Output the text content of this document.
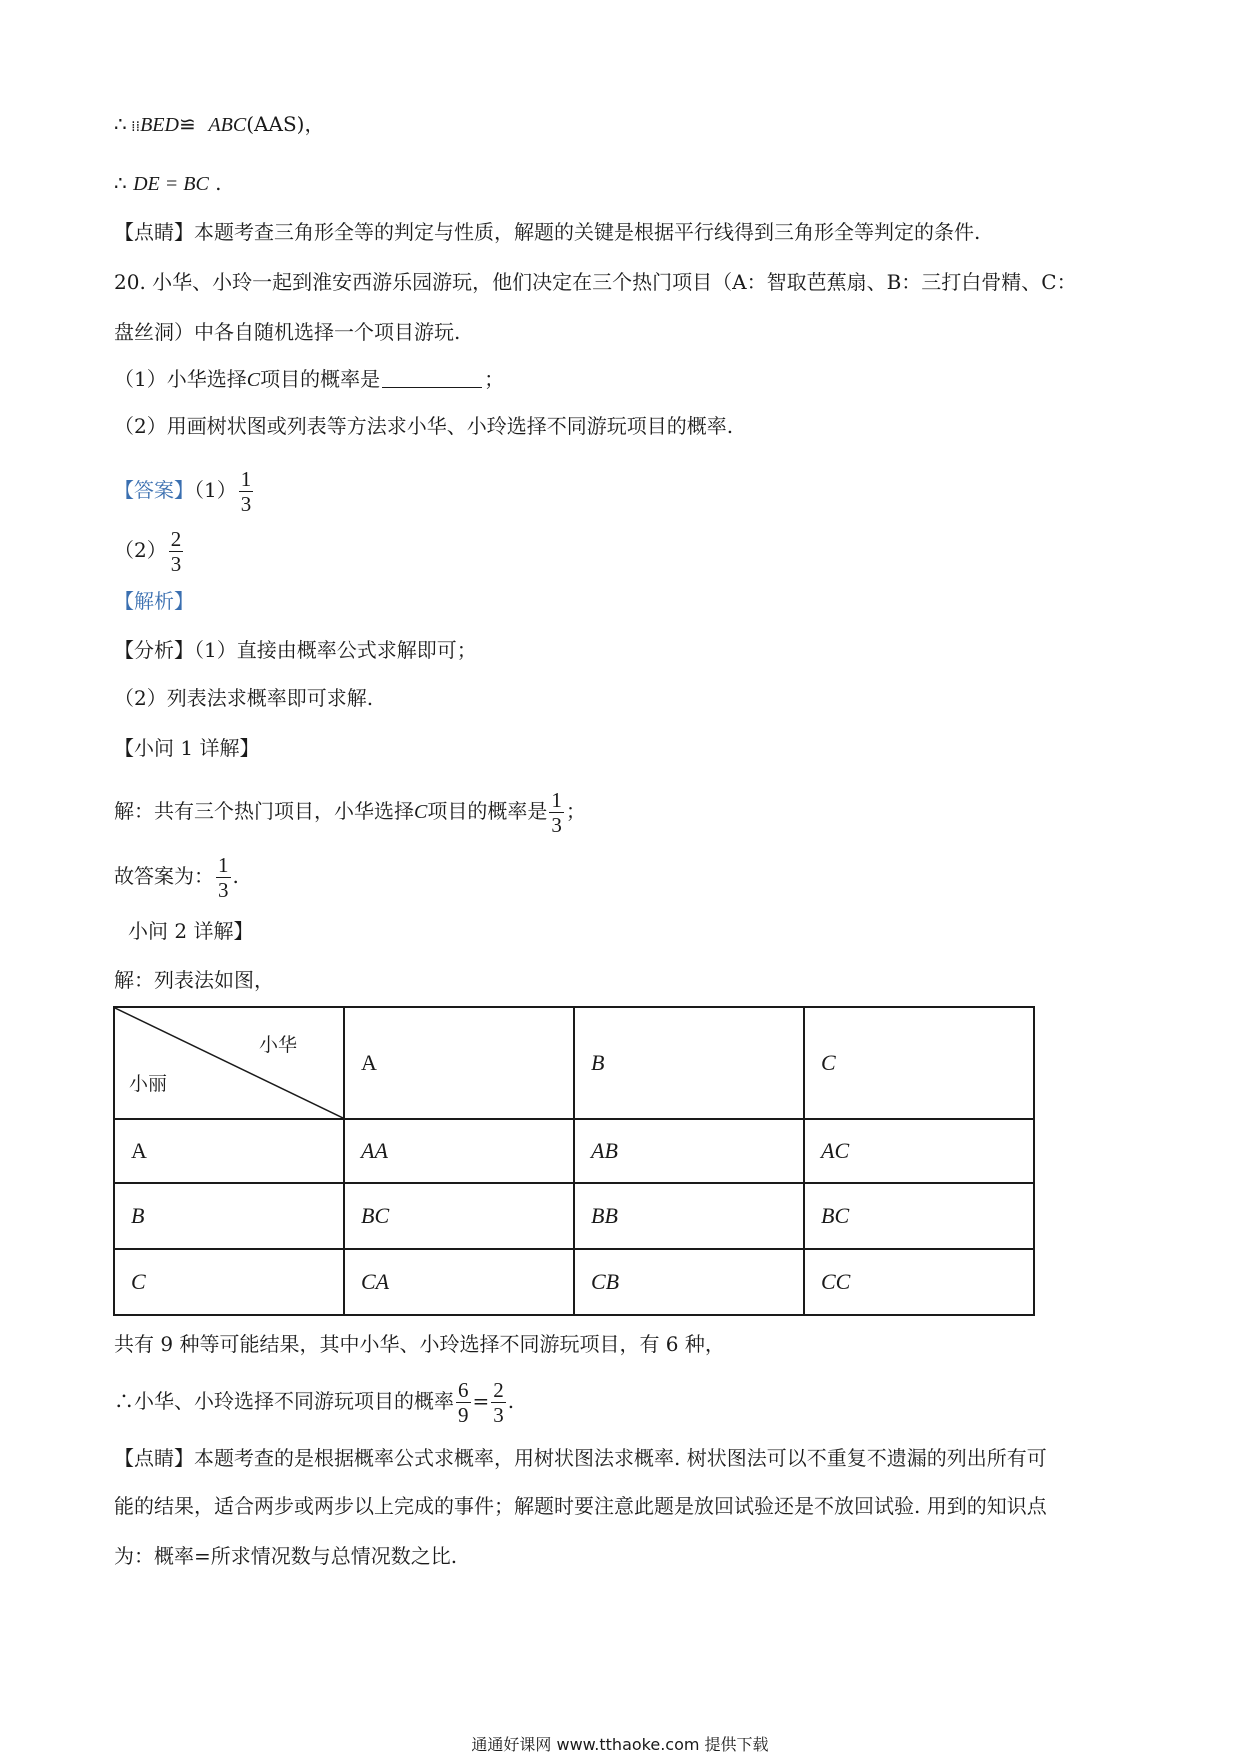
∴ ⁞⁞BED≌ ABC(AAS)，
∴ DE = BC .
【点睛】本题考查三角形全等的判定与性质，解题的关键是根据平行线得到三角形全等判定的条件.
20. 小华、小玲一起到淮安西游乐园游玩，他们决定在三个热门项目（A：智取芭蕉扇、B：三打白骨精、C：
盘丝洞）中各自随机选择一个项目游玩.
（1）小华选择C项目的概率是	；
（2）用画树状图或列表等方法求小华、小玲选择不同游玩项目的概率.
【答案】$(1) \frac{1}{3}$
$(2) \frac{2}{3}$
【解析】
【分析】（1）直接由概率公式求解即可；
（2）列表法求概率即可求解.
【小问 1 详解】
解：共有三个热门项目，小华选择C项目的概率是 $\frac{1}{3}$ ；
故答案为： $\frac{1}{3}$ .
小问 2 详解】
解：列表法如图，
小华
小丽	A	B	C
A	AA	AB	AC
B	BC	BB	BC
C	CA	CB	CC
共有 9 种等可能结果，其中小华、小玲选择不同游玩项目，有 6 种，
∴小华、小玲选择不同游玩项目的概率 $\frac{6}{9} = \frac{2}{3}$ .
【点睛】本题考查的是根据概率公式求概率，用树状图法求概率. 树状图法可以不重复不遗漏的列出所有可
能的结果，适合两步或两步以上完成的事件；解题时要注意此题是放回试验还是不放回试验. 用到的知识点
为：概率=所求情况数与总情况数之比.
通通好课网 www.tthaoke.com 提供下载
